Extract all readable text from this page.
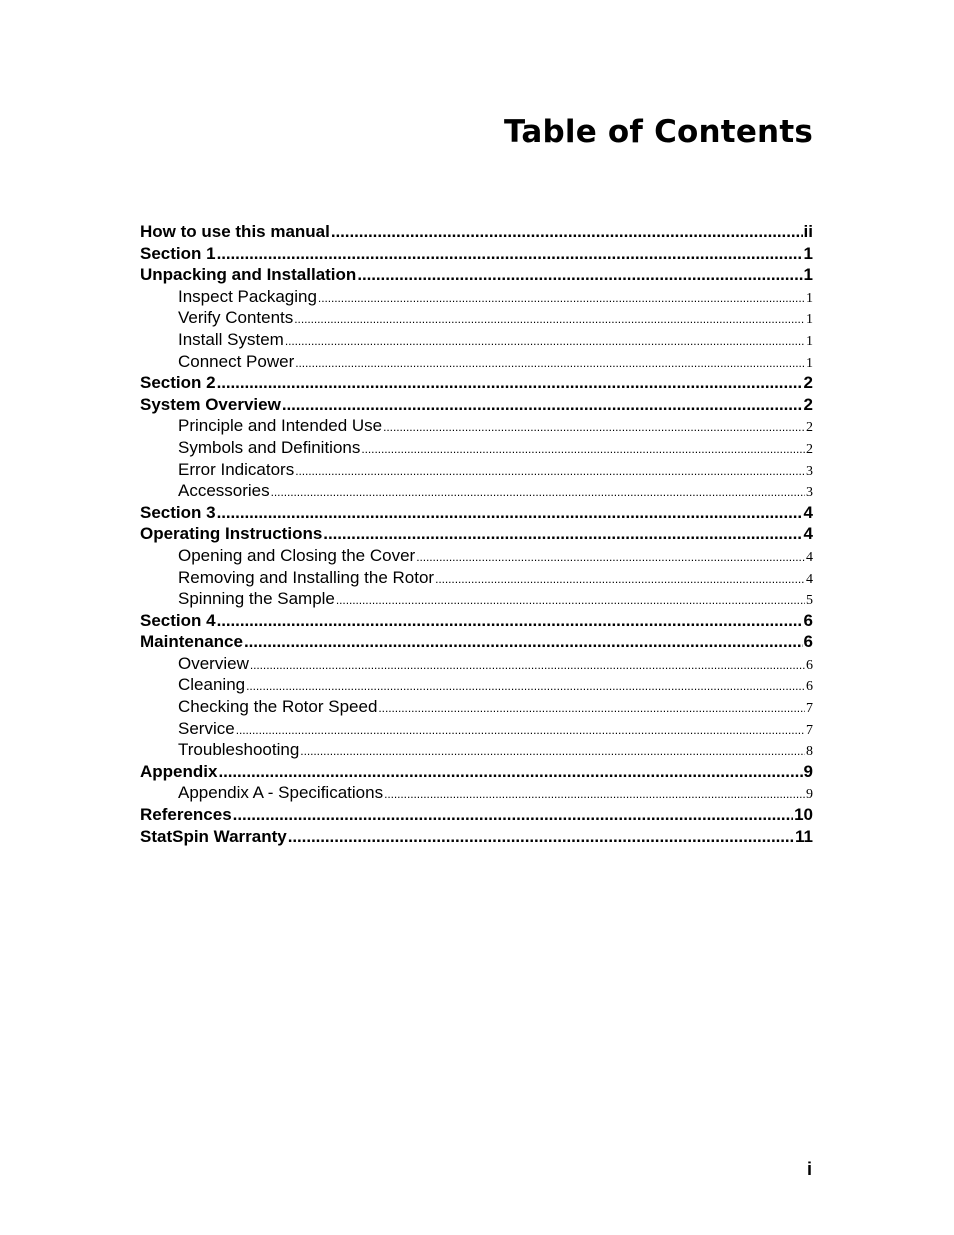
Table of Contents
How to use this manual . . .	ii
Section 1 . . .	1
Unpacking and Installation . . .	1
Inspect Packaging . . .	1
Verify Contents . . .	1
Install System . . .	1
Connect Power . . .	1
Section 2 . . .	2
System Overview . . .	2
Principle and Intended Use . . .	2
Symbols and Definitions . . .	2
Error Indicators . . .	3
Accessories . . .	3
Section 3 . . .	4
Operating Instructions . . .	4
Opening and Closing the Cover . . .	4
Removing and Installing the Rotor . . .	4
Spinning the Sample . . .	5
Section 4 . . .	6
Maintenance . . .	6
Overview . . .	6
Cleaning . . .	6
Checking the Rotor Speed . . .	7
Service . . .	7
Troubleshooting . . .	8
Appendix . . .	9
Appendix A - Specifications . . .	9
References . . .	10
StatSpin Warranty . . .	11

i
